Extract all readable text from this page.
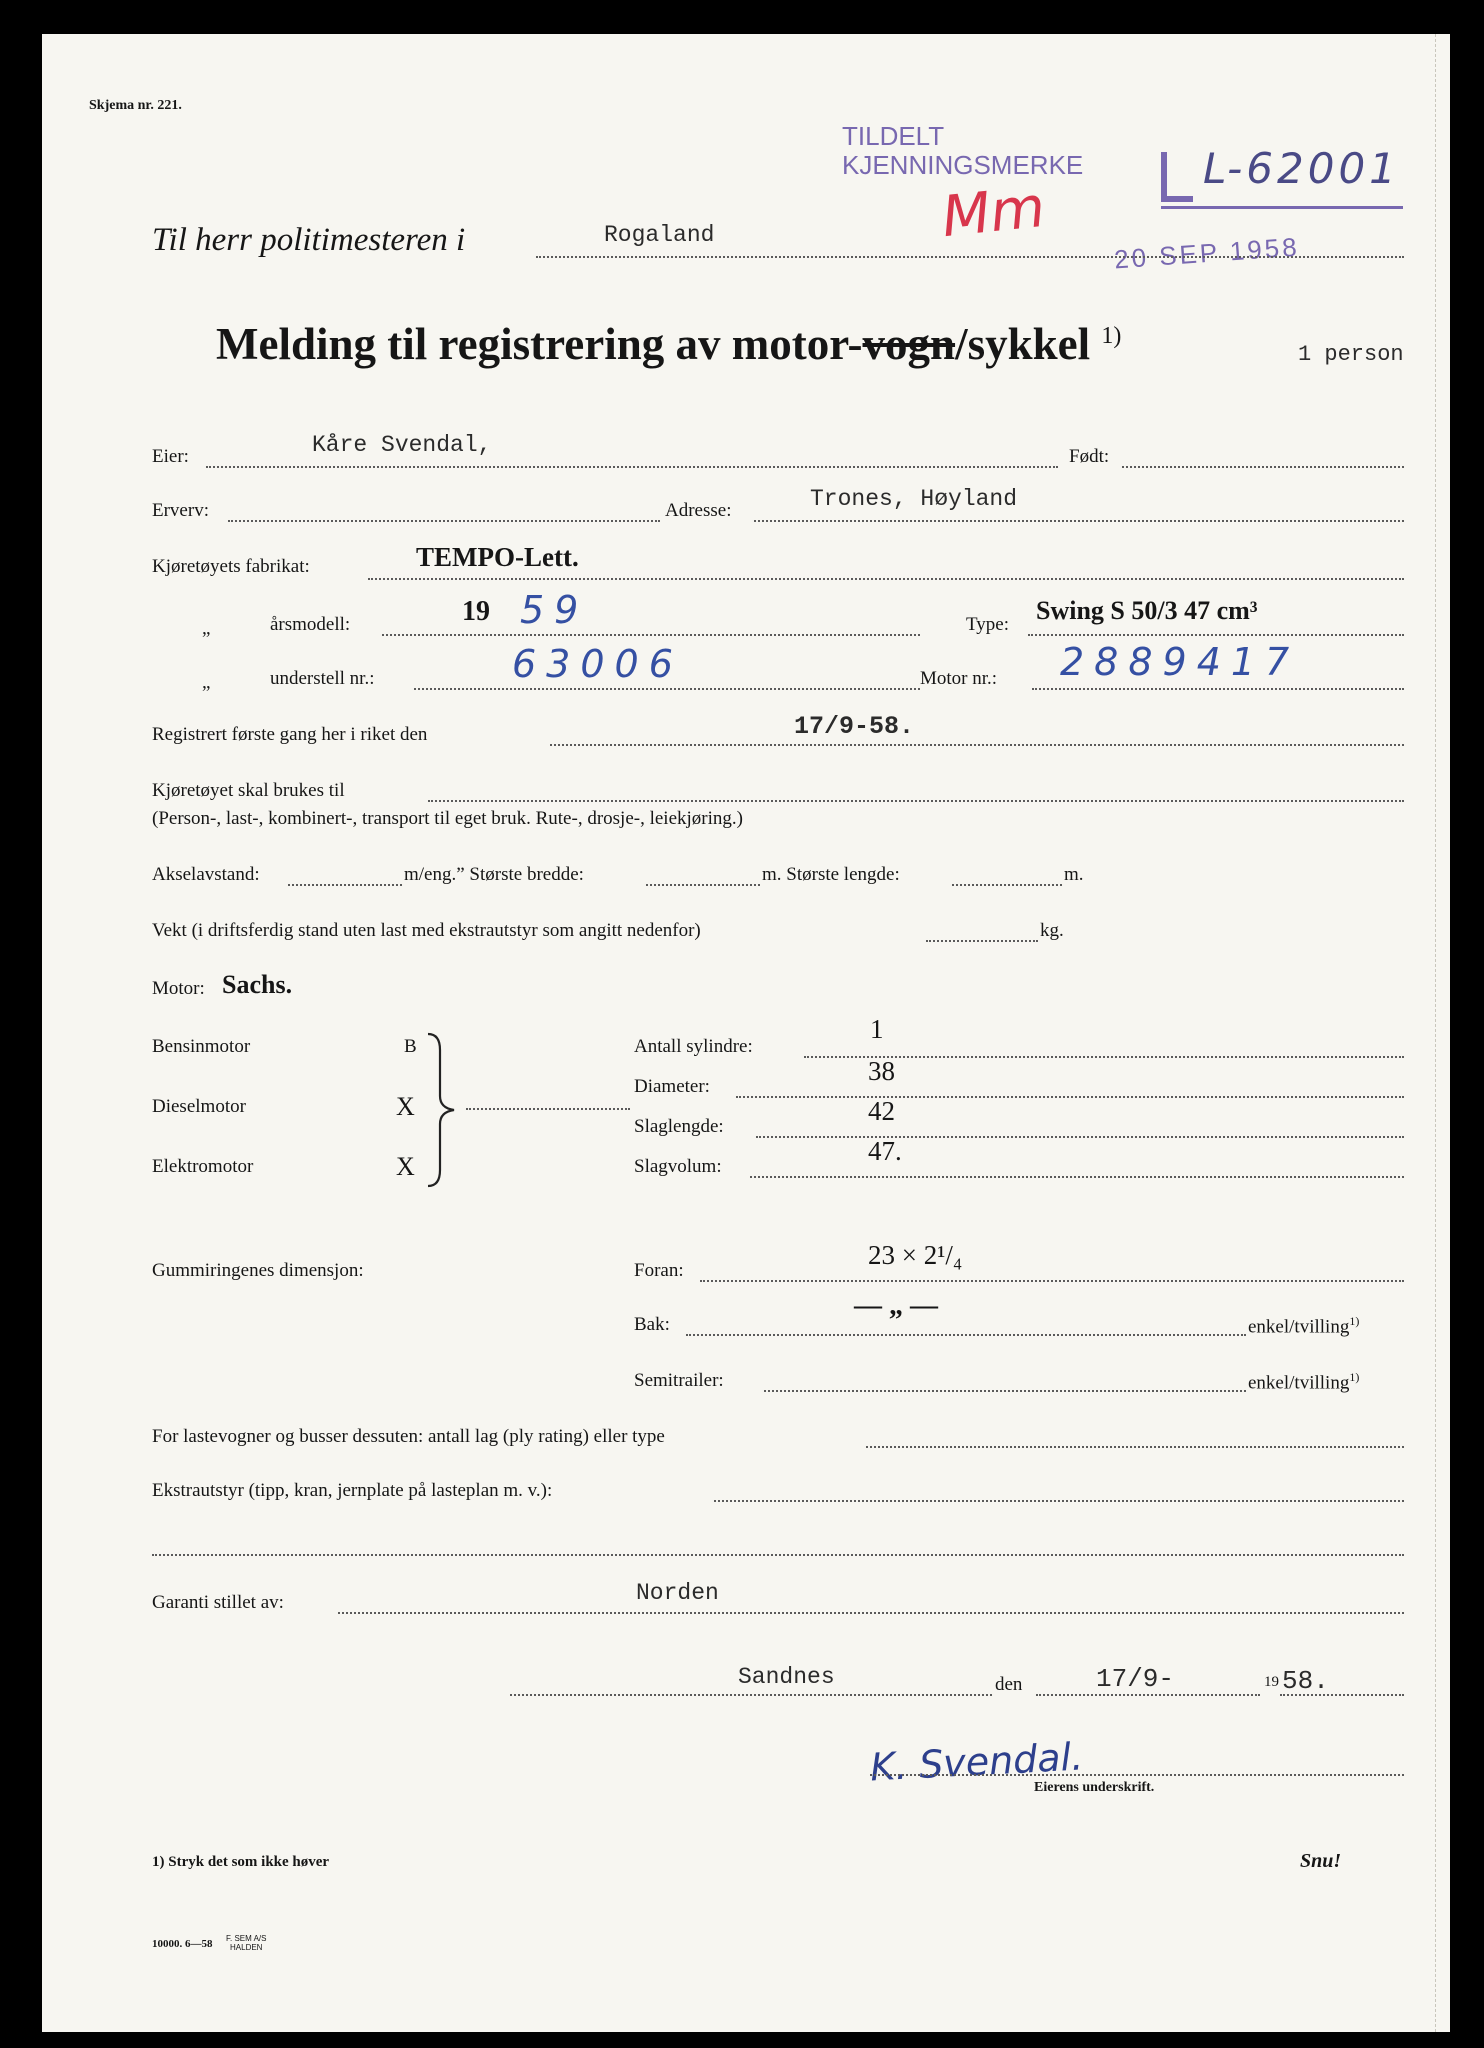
Skjema nr. 221.
TILDELT
KJENNINGSMERKE	L-62001
Mm
20 SEP 1958
Til herr politimesteren i	Rogaland
Melding til registrering av motor-vogn/sykkel $^{1)}$
1 person
Eier:	Kåre Svendal,	Født:
Erverv:	Adresse:	Trones, Høyland
Kjøretøyets fabrikat:	TEMPO-Lett.
„	årsmodell:	19 59	Type: Swing S 50/3 47 cm³
„	understell nr.:	63006	Motor nr.: 2889417
Registrert første gang her i riket den	17/9-58.
Kjøretøyet skal brukes til
(Person-, last-, kombinert-, transport til eget bruk. Rute-, drosje-, leiekjøring.)
Akselavstand:	m/eng.” Største bredde:	m. Største lengde:	m.
Vekt (i driftsferdig stand uten last med ekstrautstyr som angitt nedenfor)	kg.
Motor: Sachs.
Bensinmotor	B
Dieselmotor	X
Elektromotor	X
Antall sylindre:
1
Diameter:
38
Slaglengde:
42
Slagvolum:
47.
Gummiringenes dimensjon:	Foran:
23 × 2¹/₄
Bak:
— „ —
enkel/tvilling$^{1)}$
Semitrailer:	enkel/tvilling$^{1)}$
For lastevogner og busser dessuten: antall lag (ply rating) eller type
Ekstrautstyr (tipp, kran, jernplate på lasteplan m. v.):
Garanti stillet av:	Norden
Sandnes	den	17/9-	19 58.
K. Svendal.
Eierens underskrift.
1) Stryk det som ikke høver	Snu!
10000. 6—58 F. SEM A/S
HALDEN
